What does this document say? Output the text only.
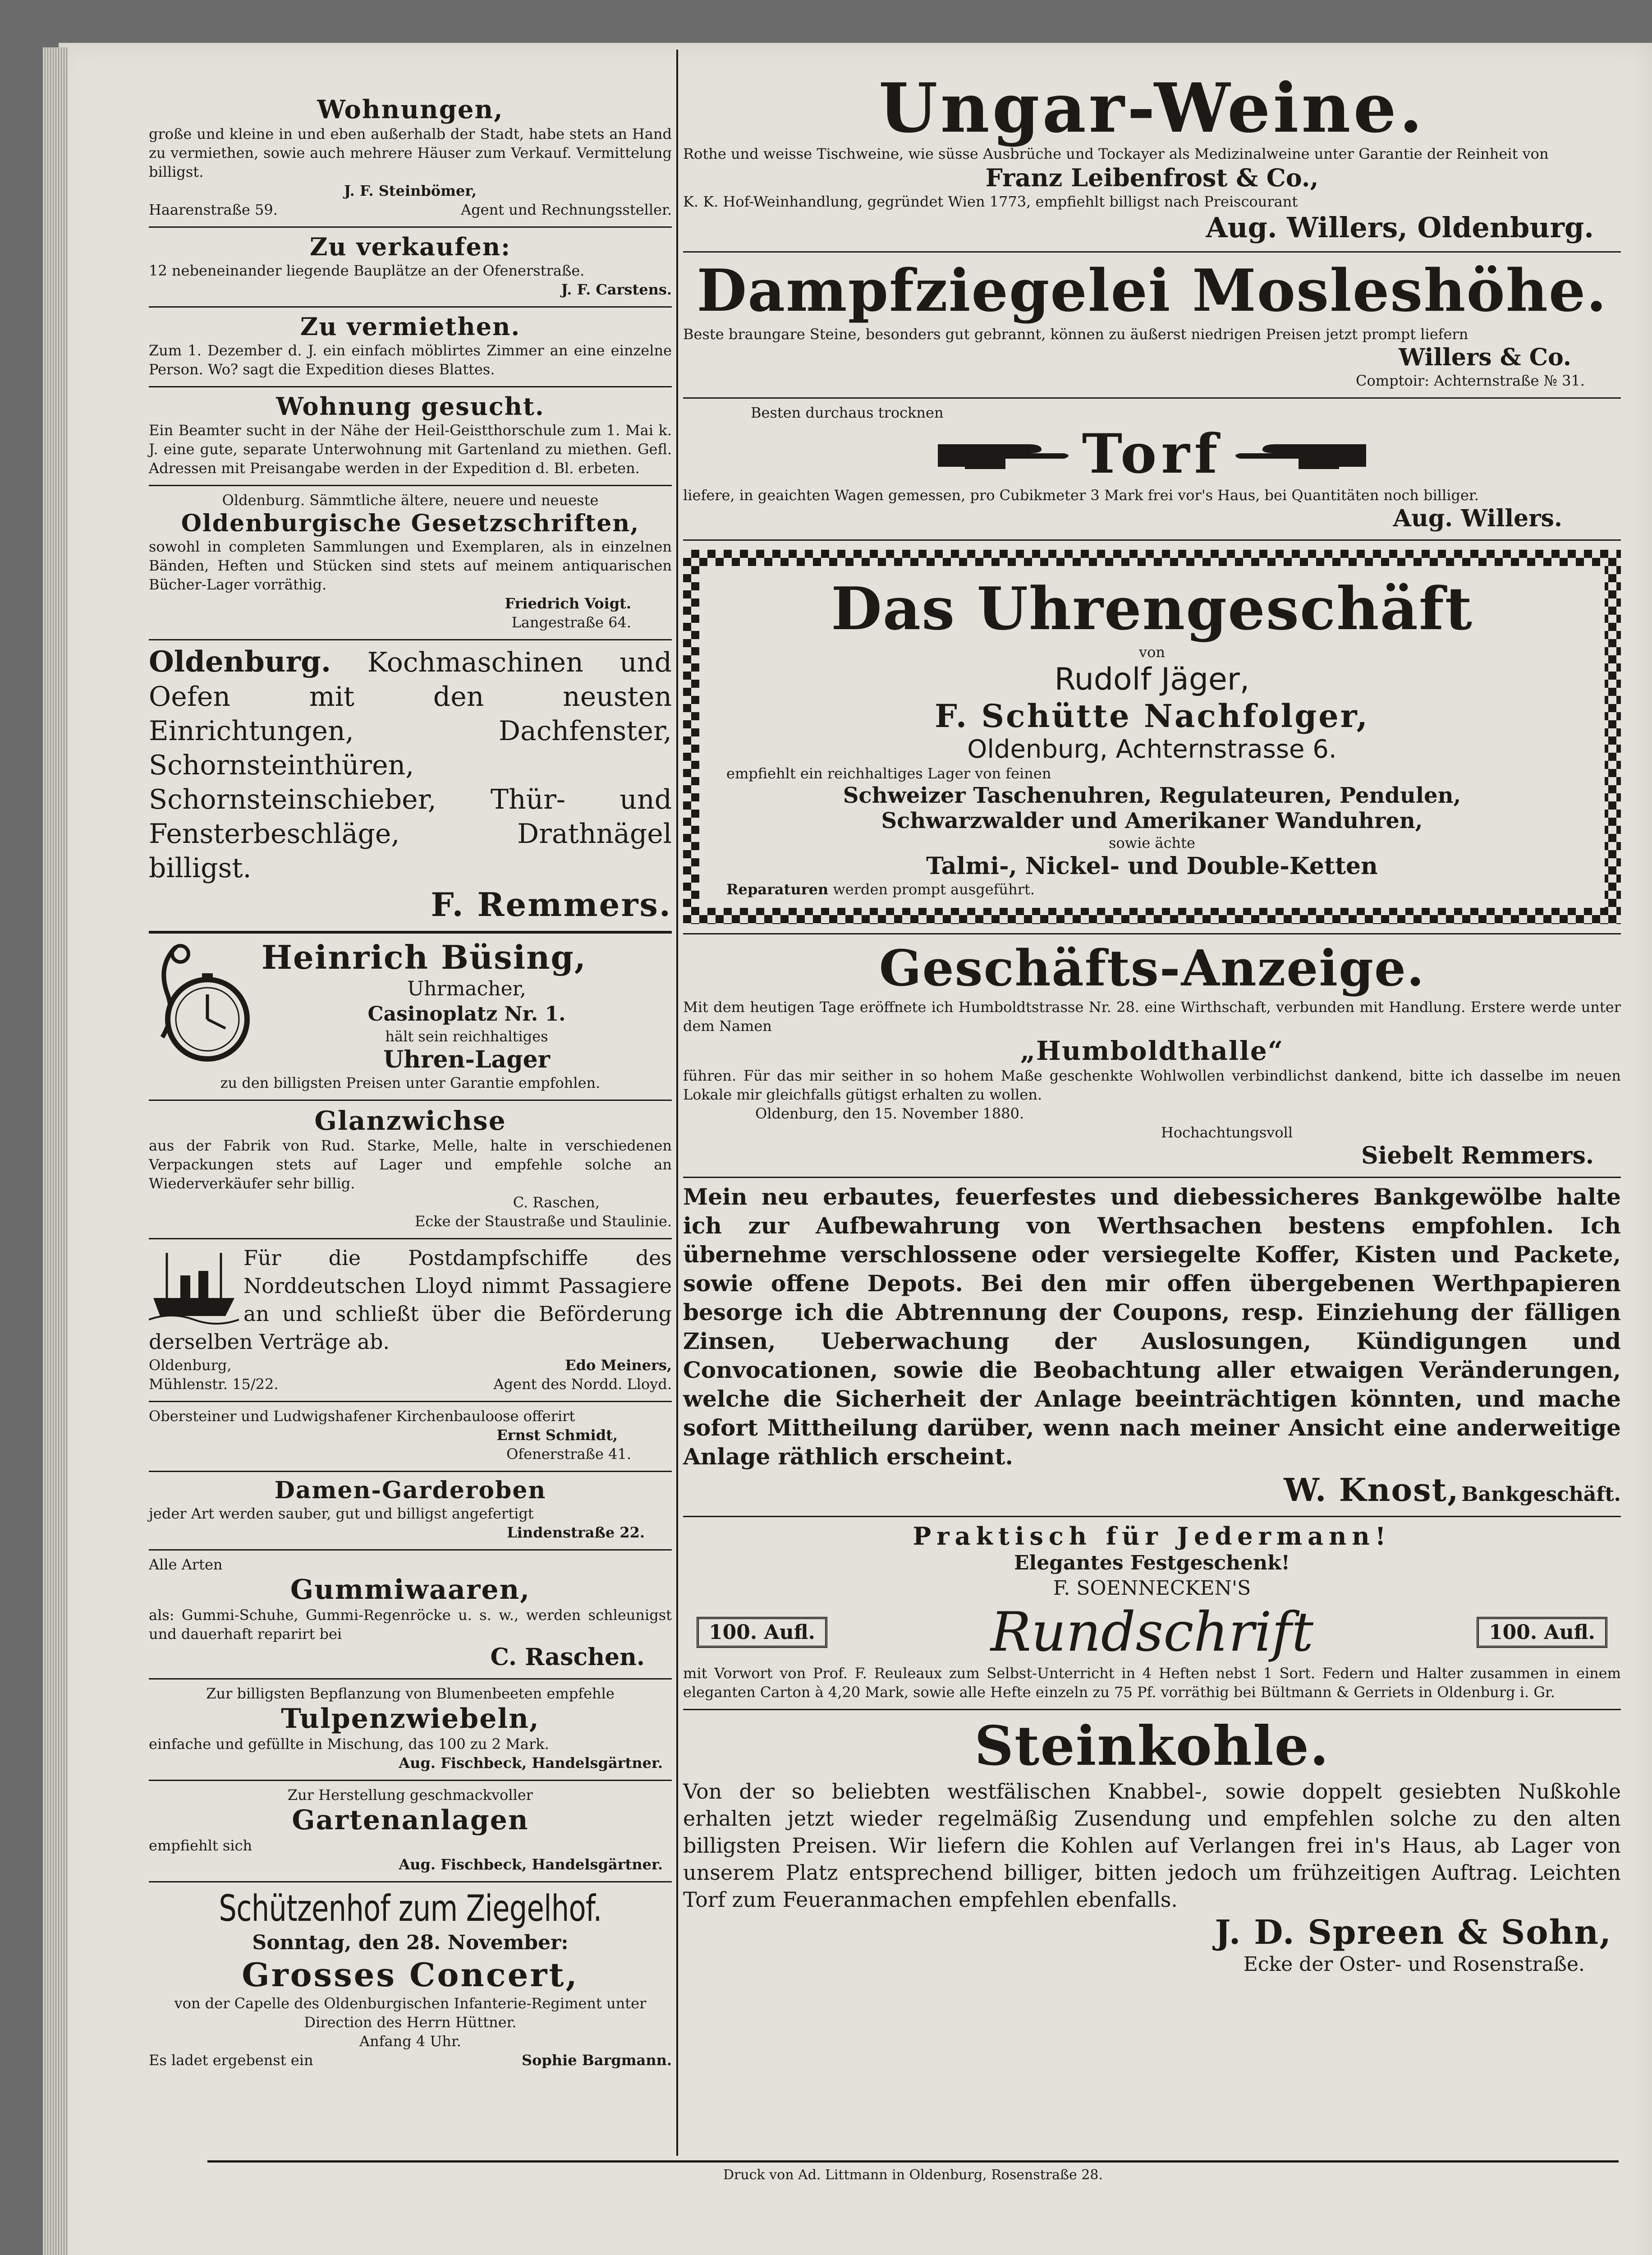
Wohnungen,
große und kleine in und eben außerhalb der Stadt, habe stets an Hand zu vermiethen, sowie auch mehrere Häuser zum Verkauf. Vermittelung billigst.
J. F. Steinbömer,
Haarenstraße 59.	Agent und Rechnungssteller.
Zu verkaufen:
12 nebeneinander liegende Bauplätze an der Ofenerstraße.
J. F. Carstens.
Zu vermiethen.
Zum 1. Dezember d. J. ein einfach möblirtes Zimmer an eine einzelne Person. Wo? sagt die Expedition dieses Blattes.
Wohnung gesucht.
Ein Beamter sucht in der Nähe der Heil-Geistthorschule zum 1. Mai k. J. eine gute, separate Unterwohnung mit Gartenland zu miethen. Gefl. Adressen mit Preisangabe werden in der Expedition d. Bl. erbeten.
Oldenburg. Sämmtliche ältere, neuere und neueste
Oldenburgische Gesetzschriften,
sowohl in completen Sammlungen und Exemplaren, als in einzelnen Bänden, Heften und Stücken sind stets auf meinem antiquarischen Bücher-Lager vorräthig.
Friedrich Voigt.
Langestraße 64.
Oldenburg. Kochmaschinen und Oefen mit den neusten Einrichtungen, Dachfenster, Schornsteinthüren, Schornsteinschieber, Thür- und Fensterbeschläge, Drathnägel billigst.
F. Remmers.
Heinrich Büsing,
Uhrmacher,
Casinoplatz Nr. 1.
hält sein reichhaltiges
Uhren-Lager
zu den billigsten Preisen unter Garantie empfohlen.
Glanzwichse
aus der Fabrik von Rud. Starke, Melle, halte in verschiedenen Verpackungen stets auf Lager und empfehle solche an Wiederverkäufer sehr billig.
C. Raschen,
Ecke der Staustraße und Staulinie.
Für die Postdampfschiffe des Norddeutschen Lloyd nimmt Passagiere an und schließt über die Beförderung derselben Verträge ab.
Oldenburg,	Edo Meiners,
Mühlenstr. 15/22.	Agent des Nordd. Lloyd.
Obersteiner und Ludwigshafener Kirchenbauloose offerirt
Ernst Schmidt,
Ofenerstraße 41.
Damen-Garderoben
jeder Art werden sauber, gut und billigst angefertigt
Lindenstraße 22.
Alle Arten
Gummiwaaren,
als: Gummi-Schuhe, Gummi-Regenröcke u. s. w., werden schleunigst und dauerhaft reparirt bei
C. Raschen.
Zur billigsten Bepflanzung von Blumenbeeten empfehle
Tulpenzwiebeln,
einfache und gefüllte in Mischung, das 100 zu 2 Mark.
Aug. Fischbeck, Handelsgärtner.
Zur Herstellung geschmackvoller
Gartenanlagen
empfiehlt sich
Aug. Fischbeck, Handelsgärtner.
Schützenhof zum Ziegelhof.
Sonntag, den 28. November:
Grosses Concert,
von der Capelle des Oldenburgischen Infanterie-Regiment unter Direction des Herrn Hüttner.
Anfang 4 Uhr.
Es ladet ergebenst ein	Sophie Bargmann.
Ungar-Weine.
Rothe und weisse Tischweine, wie süsse Ausbrüche und Tockayer als Medizinalweine unter Garantie der Reinheit von
Franz Leibenfrost & Co.,
K. K. Hof-Weinhandlung, gegründet Wien 1773, empfiehlt billigst nach Preiscourant
Aug. Willers, Oldenburg.
Dampfziegelei Mosleshöhe.
Beste braungare Steine, besonders gut gebrannt, können zu äußerst niedrigen Preisen jetzt prompt liefern
Willers & Co.
Comptoir: Achternstraße № 31.
Besten durchaus trocknen
Torf
liefere, in geaichten Wagen gemessen, pro Cubikmeter 3 Mark frei vor's Haus, bei Quantitäten noch billiger.
Aug. Willers.
Das Uhrengeschäft
von
Rudolf Jäger,
F. Schütte Nachfolger,
Oldenburg, Achternstrasse 6.
empfiehlt ein reichhaltiges Lager von feinen
Schweizer Taschenuhren, Regulateuren, Pendulen,
Schwarzwalder und Amerikaner Wanduhren,
sowie ächte
Talmi-, Nickel- und Double-Ketten
Reparaturen werden prompt ausgeführt.
Geschäfts-Anzeige.
Mit dem heutigen Tage eröffnete ich Humboldtstrasse Nr. 28. eine Wirthschaft, verbunden mit Handlung. Erstere werde unter dem Namen
„Humboldthalle“
führen. Für das mir seither in so hohem Maße geschenkte Wohlwollen verbindlichst dankend, bitte ich dasselbe im neuen Lokale mir gleichfalls gütigst erhalten zu wollen.
Oldenburg, den 15. November 1880.
Hochachtungsvoll
Siebelt Remmers.
Mein neu erbautes, feuerfestes und diebessicheres Bankgewölbe halte ich zur Aufbewahrung von Werthsachen bestens empfohlen. Ich übernehme verschlossene oder versiegelte Koffer, Kisten und Packete, sowie offene Depots. Bei den mir offen übergebenen Werthpapieren besorge ich die Abtrennung der Coupons, resp. Einziehung der fälligen Zinsen, Ueberwachung der Auslosungen, Kündigungen und Convocationen, sowie die Beobachtung aller etwaigen Veränderungen, welche die Sicherheit der Anlage beeinträchtigen könnten, und mache sofort Mittheilung darüber, wenn nach meiner Ansicht eine anderweitige Anlage räthlich erscheint.
W. Knost, Bankgeschäft.
Praktisch für Jedermann!
Elegantes Festgeschenk!
F. SOENNECKEN'S
100. Aufl.	Rundschrift	100. Aufl.
mit Vorwort von Prof. F. Reuleaux zum Selbst-Unterricht in 4 Heften nebst 1 Sort. Federn und Halter zusammen in einem eleganten Carton à 4,20 Mark, sowie alle Hefte einzeln zu 75 Pf. vorräthig bei Bültmann & Gerriets in Oldenburg i. Gr.
Steinkohle.
Von der so beliebten westfälischen Knabbel-, sowie doppelt gesiebten Nußkohle erhalten jetzt wieder regelmäßig Zusendung und empfehlen solche zu den alten billigsten Preisen. Wir liefern die Kohlen auf Verlangen frei in's Haus, ab Lager von unserem Platz entsprechend billiger, bitten jedoch um frühzeitigen Auftrag. Leichten Torf zum Feueranmachen empfehlen ebenfalls.
J. D. Spreen & Sohn,
Ecke der Oster- und Rosenstraße.
Druck von Ad. Littmann in Oldenburg, Rosenstraße 28.
